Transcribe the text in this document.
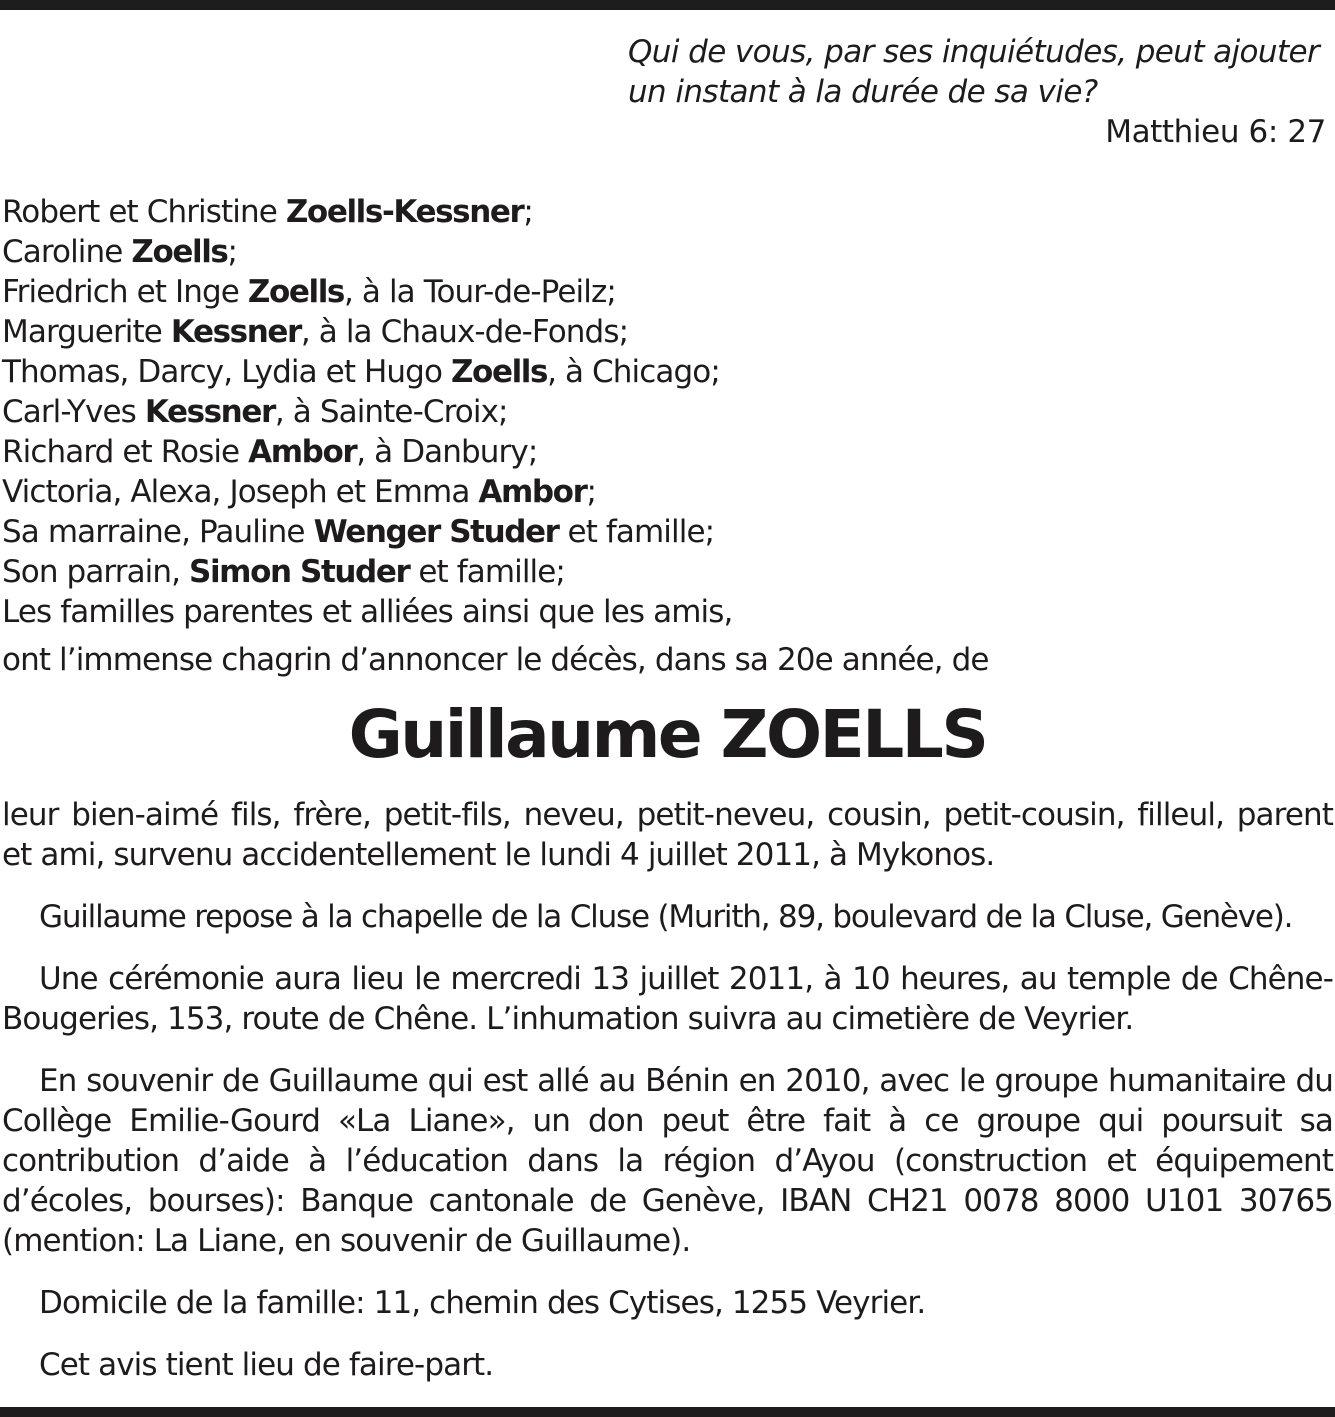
Qui de vous, par ses inquiétudes, peut ajouter
un instant à la durée de sa vie?
Matthieu 6: 27
Robert et Christine Zoells-Kessner;
Caroline Zoells;
Friedrich et Inge Zoells, à la Tour-de-Peilz;
Marguerite Kessner, à la Chaux-de-Fonds;
Thomas, Darcy, Lydia et Hugo Zoells, à Chicago;
Carl-Yves Kessner, à Sainte-Croix;
Richard et Rosie Ambor, à Danbury;
Victoria, Alexa, Joseph et Emma Ambor;
Sa marraine, Pauline Wenger Studer et famille;
Son parrain, Simon Studer et famille;
Les familles parentes et alliées ainsi que les amis,
ont l’immense chagrin d’annoncer le décès, dans sa 20e année, de
Guillaume ZOELLS

leur bien-aimé fils, frère, petit-fils, neveu, petit-neveu, cousin, petit-cousin, filleul, parent et ami, survenu accidentellement le lundi 4 juillet 2011, à Mykonos.

Guillaume repose à la chapelle de la Cluse (Murith, 89, boulevard de la Cluse, Genève).

Une cérémonie aura lieu le mercredi 13 juillet 2011, à 10 heures, au temple de Chêne-Bougeries, 153, route de Chêne. L’inhumation suivra au cimetière de Veyrier.

En souvenir de Guillaume qui est allé au Bénin en 2010, avec le groupe humanitaire du Collège Emilie-Gourd «La Liane», un don peut être fait à ce groupe qui poursuit sa contribution d’aide à l’éducation dans la région d’Ayou (construction et équipement d’écoles, bourses): Banque cantonale de Genève, IBAN CH21 0078 8000 U101 30765 (mention: La Liane, en souvenir de Guillaume).

Domicile de la famille: 11, chemin des Cytises, 1255 Veyrier.

Cet avis tient lieu de faire-part.
